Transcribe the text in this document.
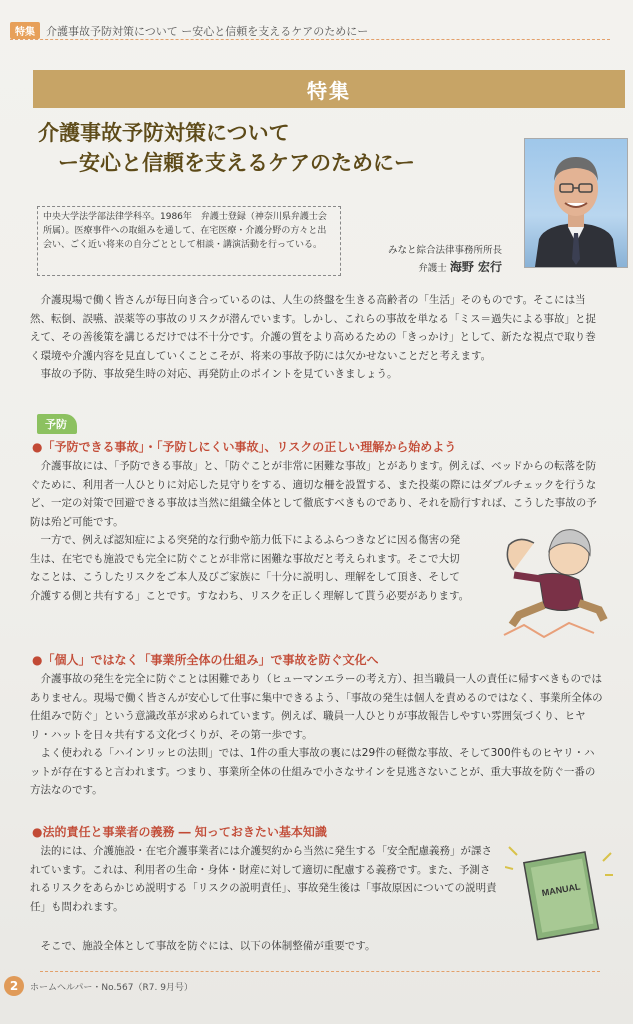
特集	介護事故予防対策について ー安心と信頼を支えるケアのためにー
特集
介護事故予防対策について
ー安心と信頼を支えるケアのためにー
中央大学法学部法律学科卒。1986年　弁護士登録（神奈川県弁護士会所属）。医療事件への取組みを通して、在宅医療・介護分野の方々と出会い、ごく近い将来の自分ごととして相談・講演活動を行っている。	みなと綜合法律事務所所長
弁護士 海野 宏行

介護現場で働く皆さんが毎日向き合っているのは、人生の終盤を生きる高齢者の「生活」そのものです。そこには当然、転倒、誤嚥、誤薬等の事故のリスクが潜んでいます。しかし、これらの事故を単なる「ミス＝過失による事故」と捉えて、その善後策を講じるだけでは不十分です。介護の質をより高めるための「きっかけ」として、新たな視点で取り巻く環境や介護内容を見直していくことこそが、将来の事故予防には欠かせないことだと考えます。

事故の予防、事故発生時の対応、再発防止のポイントを見ていきましょう。

予防
●「予防できる事故」・「予防しにくい事故」、リスクの正しい理解から始めよう

介護事故には、「予防できる事故」と、「防ぐことが非常に困難な事故」とがあります。例えば、ベッドからの転落を防ぐために、利用者一人ひとりに対応した見守りをする、適切な柵を設置する、また投薬の際にはダブルチェックを行うなど、一定の対策で回避できる事故は当然に組織全体として徹底すべきものであり、それを励行すれば、こうした事故の予防は殆ど可能です。

一方で、例えば認知症による突発的な行動や筋力低下によるふらつきなどに因る傷害の発生は、在宅でも施設でも完全に防ぐことが非常に困難な事故だと考えられます。そこで大切なことは、こうしたリスクをご本人及びご家族に「十分に説明し、理解をして頂き、そして介護する側と共有する」ことです。すなわち、リスクを正しく理解して貰う必要があります。

●「個人」ではなく「事業所全体の仕組み」で事故を防ぐ文化へ

介護事故の発生を完全に防ぐことは困難であり（ヒューマンエラーの考え方）、担当職員一人の責任に帰すべきものではありません。現場で働く皆さんが安心して仕事に集中できるよう、「事故の発生は個人を責めるのではなく、事業所全体の仕組みで防ぐ」という意識改革が求められています。例えば、職員一人ひとりが事故報告しやすい雰囲気づくり、ヒヤリ・ハットを日々共有する文化づくりが、その第一歩です。

よく使われる「ハインリッヒの法則」では、1件の重大事故の裏には29件の軽微な事故、そして300件ものヒヤリ・ハットが存在すると言われます。つまり、事業所全体の仕組みで小さなサインを見逃さないことが、重大事故を防ぐ一番の方法なのです。

●法的責任と事業者の義務 ― 知っておきたい基本知識

法的には、介護施設・在宅介護事業者には介護契約から当然に発生する「安全配慮義務」が課されています。これは、利用者の生命・身体・財産に対して適切に配慮する義務です。また、予測されるリスクをあらかじめ説明する「リスクの説明責任」、事故発生後は「事故原因についての説明責任」も問われます。

そこで、施設全体として事故を防ぐには、以下の体制整備が重要です。

MANUAL
2	ホームヘルパー・No.567（R7. 9月号）
